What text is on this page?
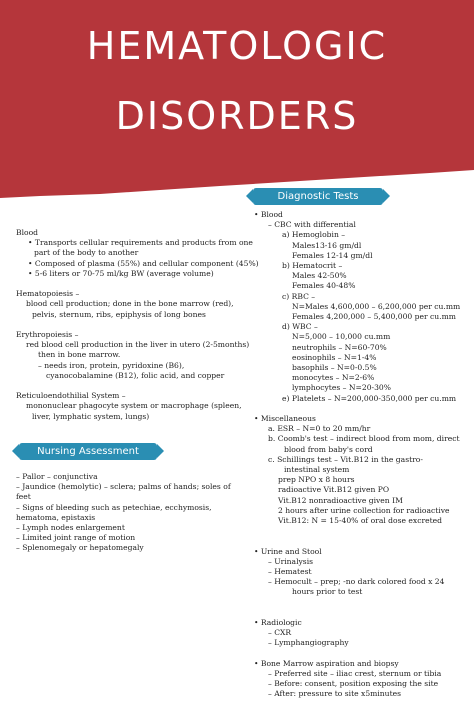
HEMATOLOGIC
DISORDERS
Diagnostic Tests
Nursing Assessment
Blood
• Transports cellular requirements and products from one
part of the body to another
• Composed of plasma (55%) and cellular component (45%)
• 5-6 liters or 70-75 ml/kg BW (average volume)
Hematopoiesis –
blood cell production; done in the bone marrow (red),
pelvis, sternum, ribs, epiphysis of long bones
Erythropoiesis –
red blood cell production in the liver in utero (2-5months)
then in bone marrow.
– needs iron, protein, pyridoxine (B6),
cyanocobalamine (B12), folic acid, and copper
Reticuloendothilial System –
mononuclear phagocyte system or macrophage (spleen,
liver, lymphatic system, lungs)
– Pallor – conjunctiva
– Jaundice (hemolytic) – sclera; palms of hands; soles of
feet
– Signs of bleeding such as petechiae, ecchymosis,
hematoma, epistaxis
– Lymph nodes enlargement
– Limited joint range of motion
– Splenomegaly or hepatomegaly
• Blood
– CBC with differential
a) Hemoglobin –
Males13-16 gm/dl
Females 12-14 gm/dl
b) Hematocrit –
Males 42-50%
Females 40-48%
c) RBC –
N=Males 4,600,000 – 6,200,000 per cu.mm
Females 4,200,000 – 5,400,000 per cu.mm
d) WBC –
N=5,000 – 10,000 cu.mm
neutrophils – N=60-70%
eosinophils – N=1-4%
basophils – N=0-0.5%
monocytes – N=2-6%
lymphocytes – N=20-30%
e) Platelets – N=200,000-350,000 per cu.mm
• Miscellaneous
a. ESR – N=0 to 20 mm/hr
b. Coomb's test – indirect blood from mom, direct
blood from baby's cord
c. Schillings test – Vit.B12 in the gastro-
intestinal system
prep NPO x 8 hours
radioactive Vit.B12 given PO
Vit.B12 nonradioactive given IM
2 hours after urine collection for radioactive
Vit.B12: N = 15-40% of oral dose excreted
• Urine and Stool
– Urinalysis
– Hematest
– Hemocult – prep; -no dark colored food x 24
hours prior to test
• Radiologic
– CXR
– Lymphangiography
• Bone Marrow aspiration and biopsy
– Preferred site – iliac crest, sternum or tibia
– Before: consent, position exposing the site
– After: pressure to site x5minutes
